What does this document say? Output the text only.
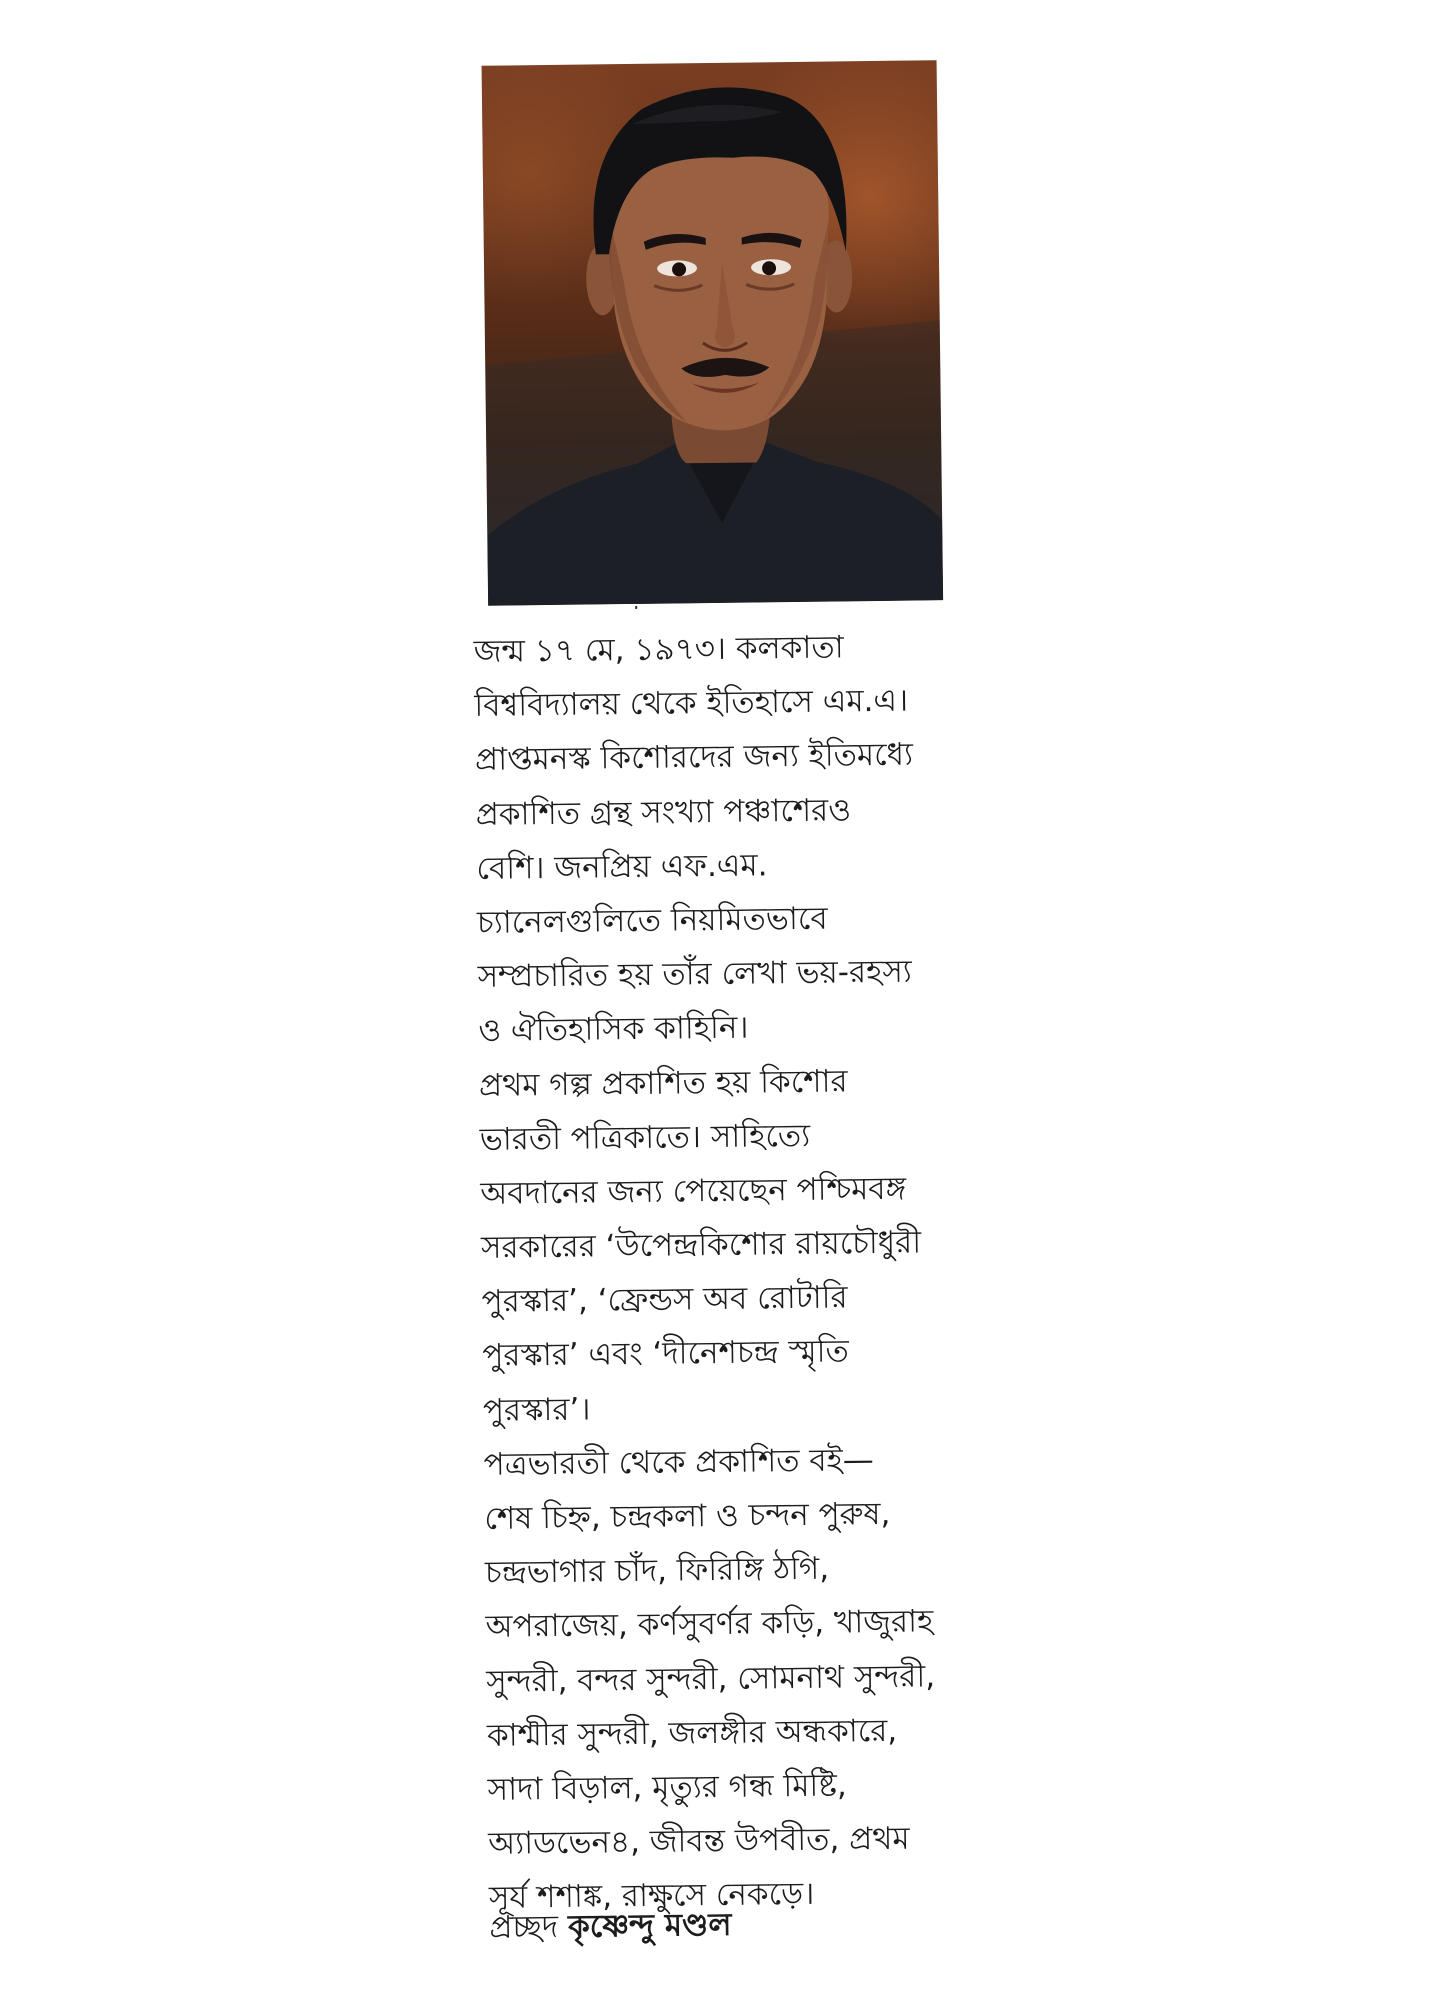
জন্ম ১৭ মে, ১৯৭৩। কলকাতা
বিশ্ববিদ্যালয় থেকে ইতিহাসে এম.এ।
প্রাপ্তমনস্ক কিশোরদের জন্য ইতিমধ্যে
প্রকাশিত গ্রন্থ সংখ্যা পঞ্চাশেরও
বেশি। জনপ্রিয় এফ.এম.
চ্যানেলগুলিতে নিয়মিতভাবে
সম্প্রচারিত হয় তাঁর লেখা ভয়-রহস্য
ও ঐতিহাসিক কাহিনি।
প্রথম গল্প প্রকাশিত হয় কিশোর
ভারতী পত্রিকাতে। সাহিত্যে
অবদানের জন্য পেয়েছেন পশ্চিমবঙ্গ
সরকারের ‘উপেন্দ্রকিশোর রায়চৌধুরী
পুরস্কার’, ‘ফ্রেন্ডস অব রোটারি
পুরস্কার’ এবং ‘দীনেশচন্দ্র স্মৃতি
পুরস্কার’।
পত্রভারতী থেকে প্রকাশিত বই—
শেষ চিহ্ন, চন্দ্রকলা ও চন্দন পুরুষ,
চন্দ্রভাগার চাঁদ, ফিরিঙ্গি ঠগি,
অপরাজেয়, কর্ণসুবর্ণর কড়ি, খাজুরাহ
সুন্দরী, বন্দর সুন্দরী, সোমনাথ সুন্দরী,
কাশ্মীর সুন্দরী, জলঙ্গীর অন্ধকারে,
সাদা বিড়াল, মৃত্যুর গন্ধ মিষ্টি,
অ্যাডভেন৪, জীবন্ত উপবীত, প্রথম
সূর্য শশাঙ্ক, রাক্ষুসে নেকড়ে।
প্রচ্ছদ কৃষ্ণেন্দু মণ্ডল
